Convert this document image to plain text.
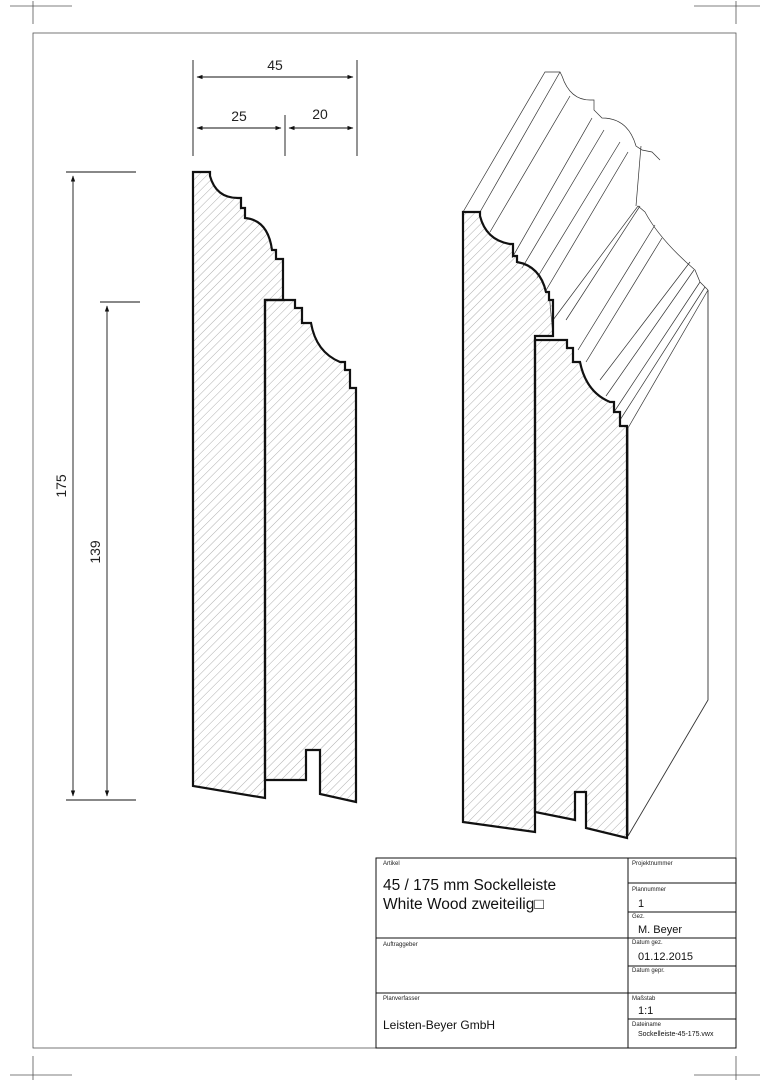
45
25	20
175
139
Artikel
45 / 175 mm Sockelleiste
White Wood zweiteilig□
Auftraggeber
Planverfasser
Leisten-Beyer GmbH
Projektnummer
Plannummer
1
Gez.
M. Beyer
Datum gez.
01.12.2015
Datum gepr.
Maßstab
1:1
Dateiname
Sockelleiste-45-175.vwx
